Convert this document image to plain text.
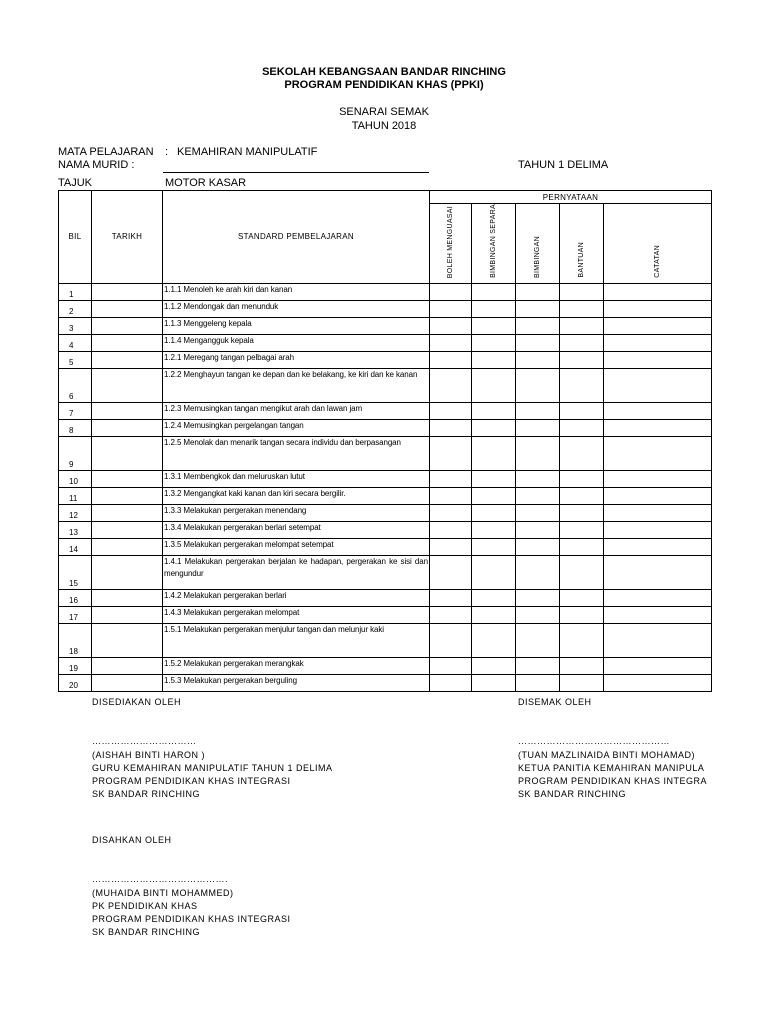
SEKOLAH KEBANGSAAN BANDAR RINCHING
PROGRAM PENDIDIKAN KHAS (PPKI)
SENARAI SEMAK
TAHUN 2018
MATA PELAJARAN : KEMAHIRAN MANIPULATIF
NAMA MURID :	TAHUN 1 DELIMA
TAJUK	MOTOR KASAR
BIL	TARIKH	STANDARD PEMBELAJARAN	PERNYATAAN				
			BOLEH MENGUASAI	BIMBINGAN SEPARA	BIMBINGAN	BANTUAN	CATATAN
1		1.1.1 Menoleh ke arah kiri dan kanan					
2		1.1.2 Mendongak dan menunduk					
3		1.1.3 Menggeleng kepala					
4		1.1.4 Mengangguk kepala					
5		1.2.1 Meregang tangan pelbagai arah					
6		1.2.2 Menghayun tangan ke depan dan ke belakang, ke kiri dan ke kanan					
7		1.2.3 Memusingkan tangan mengikut arah dan lawan jam					
8		1.2.4 Memusingkan pergelangan tangan					
9		1.2.5 Menolak dan menarik tangan secara individu dan berpasangan					
10		1.3.1 Membengkok dan meluruskan lutut					
11		1.3.2 Mengangkat kaki kanan dan kiri secara bergilir.					
12		1.3.3 Melakukan pergerakan menendang					
13		1.3.4 Melakukan pergerakan berlari setempat					
14		1.3.5 Melakukan pergerakan melompat setempat					
15		1.4.1 Melakukan pergerakan berjalan ke hadapan, pergerakan ke sisi dan mengundur					
16		1.4.2 Melakukan pergerakan berlari					
17		1.4.3 Melakukan pergerakan melompat					
18		1.5.1 Melakukan pergerakan menjulur tangan dan melunjur kaki					
19		1.5.2 Melakukan pergerakan merangkak					
20		1.5.3 Melakukan pergerakan berguling					
DISEDIAKAN OLEH
……………………………
(AISHAH BINTI HARON )
GURU KEMAHIRAN MANIPULATIF TAHUN 1 DELIMA
PROGRAM PENDIDIKAN KHAS INTEGRASI
SK BANDAR RINCHING
DISEMAK OLEH
…………………………………………
(TUAN MAZLINAIDA BINTI MOHAMAD)
KETUA PANITIA KEMAHIRAN MANIPULA
PROGRAM PENDIDIKAN KHAS INTEGRA
SK BANDAR RINCHING
DISAHKAN OLEH
…………………………………….
(MUHAIDA BINTI MOHAMMED)
PK PENDIDIKAN KHAS
PROGRAM PENDIDIKAN KHAS INTEGRASI
SK BANDAR RINCHING
